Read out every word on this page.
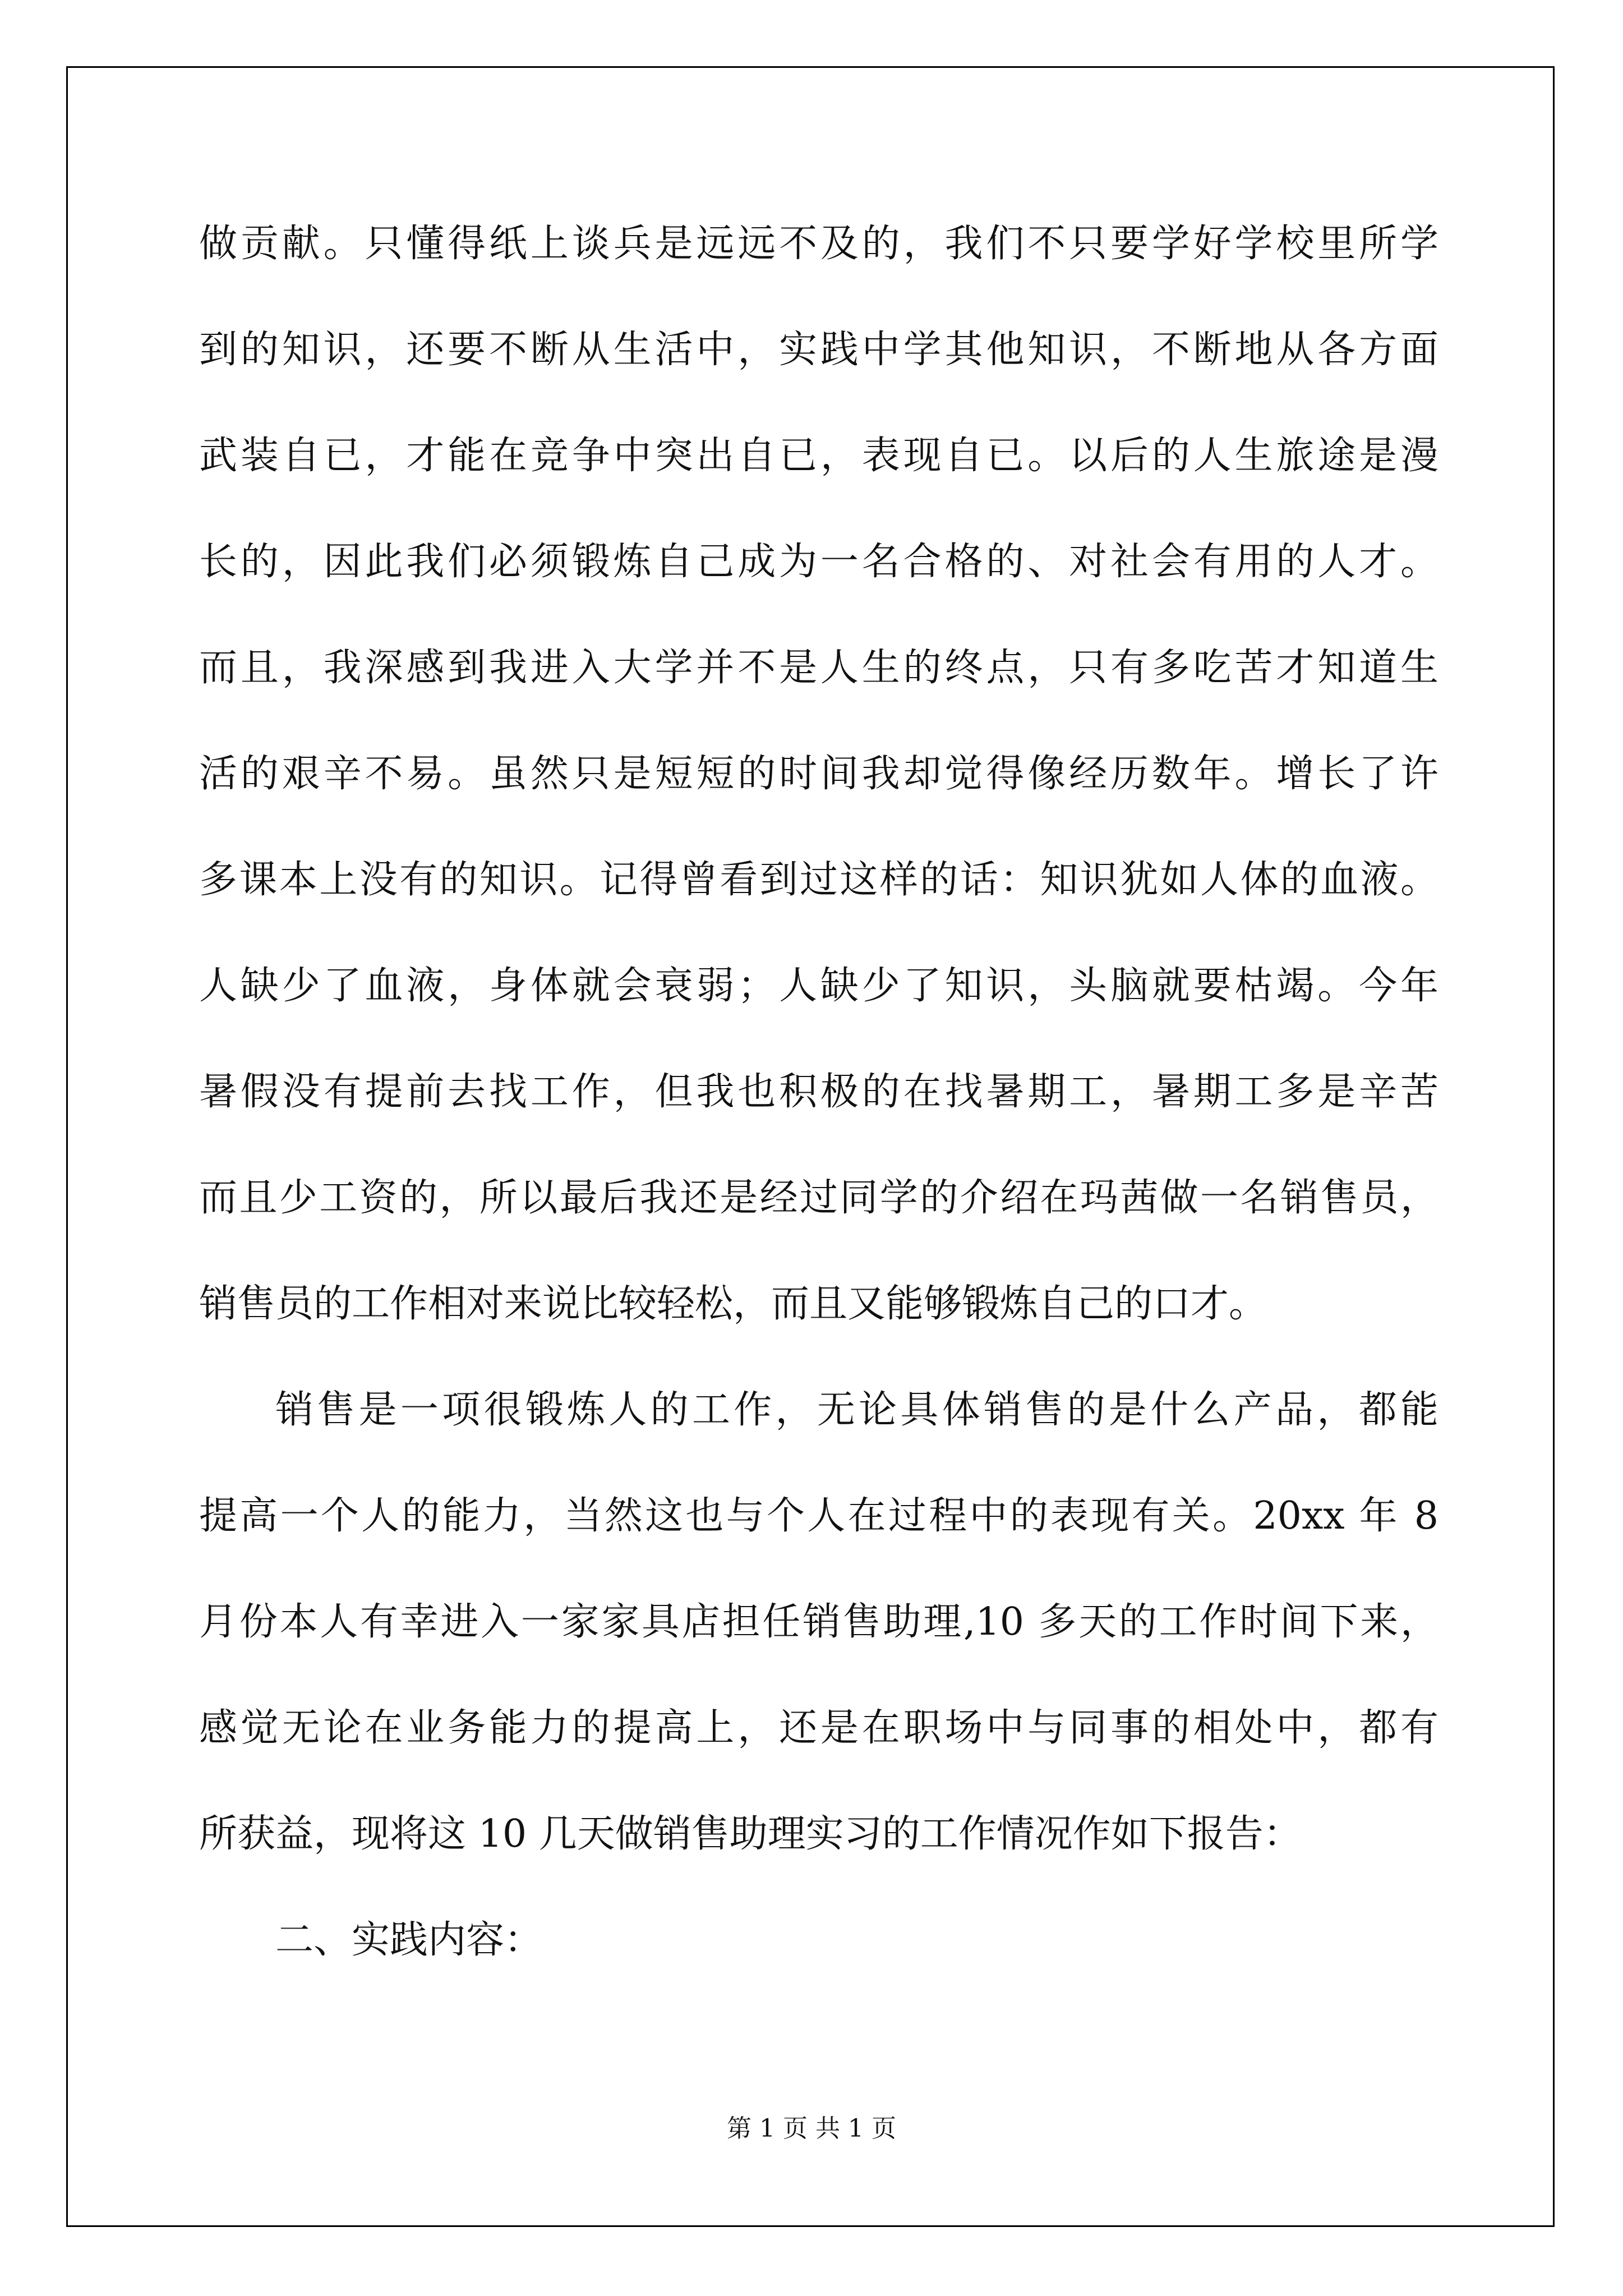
做贡献。只懂得纸上谈兵是远远不及的，我们不只要学好学校里所学
到的知识，还要不断从生活中，实践中学其他知识，不断地从各方面
武装自已，才能在竞争中突出自已，表现自已。以后的人生旅途是漫
长的，因此我们必须锻炼自己成为一名合格的、对社会有用的人才。
而且，我深感到我进入大学并不是人生的终点，只有多吃苦才知道生
活的艰辛不易。虽然只是短短的时间我却觉得像经历数年。增长了许
多课本上没有的知识。记得曾看到过这样的话：知识犹如人体的血液。
人缺少了血液，身体就会衰弱；人缺少了知识，头脑就要枯竭。今年
暑假没有提前去找工作，但我也积极的在找暑期工，暑期工多是辛苦
而且少工资的，所以最后我还是经过同学的介绍在玛茜做一名销售员，
销售员的工作相对来说比较轻松，而且又能够锻炼自己的口才。
销售是一项很锻炼人的工作，无论具体销售的是什么产品，都能
提高一个人的能力，当然这也与个人在过程中的表现有关。20xx 年 8
月份本人有幸进入一家家具店担任销售助理,10 多天的工作时间下来，
感觉无论在业务能力的提高上，还是在职场中与同事的相处中，都有
所获益，现将这 10 几天做销售助理实习的工作情况作如下报告：
二、实践内容：
第 1 页 共 1 页
